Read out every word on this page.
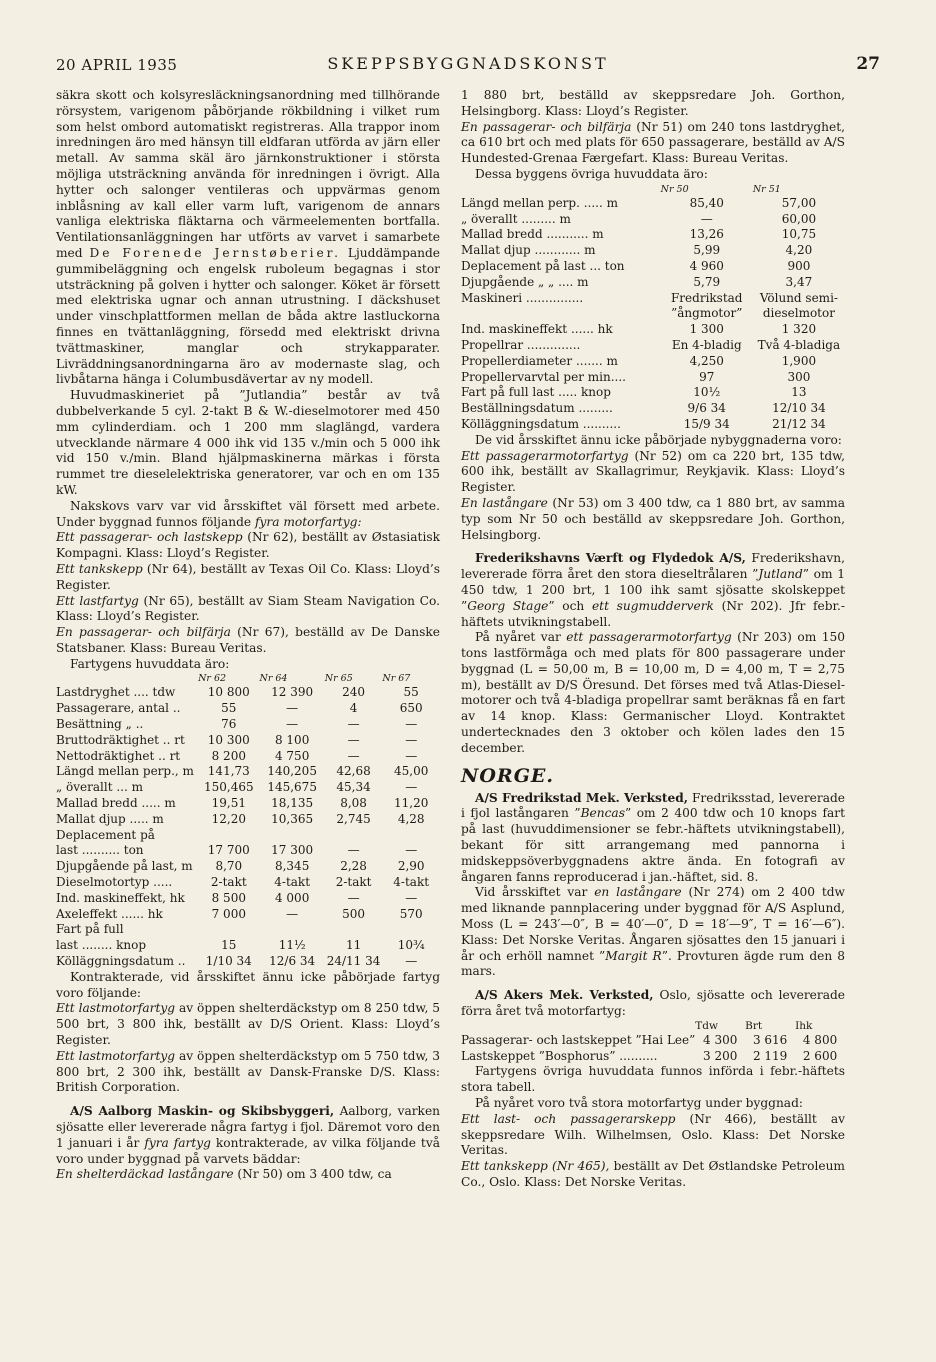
20 APRIL 1935	SKEPPSBYGGNADSKONST	27

säkra skott och kolsyresläckningsanordning med tillhörande rörsystem, varigenom påbörjande rökbildning i vilket rum som helst ombord automatiskt registreras. Alla trappor inom inredningen äro med hänsyn till eldfaran utförda av järn eller metall. Av samma skäl äro järnkonstruktioner i största möjliga utsträckning använda för inredningen i övrigt. Alla hytter och salonger ventileras och uppvärmas genom inblåsning av kall eller varm luft, varigenom de annars vanliga elektriska fläktarna och värmeelementen bortfalla. Ventilationsanläggningen har utförts av varvet i samarbete med De Forenede Jernstøberier. Ljuddämpande gummibeläggning och engelsk ruboleum begagnas i stor utsträckning på golven i hytter och salonger. Köket är försett med elektriska ugnar och annan utrustning. I däckshuset under vinschplattformen mellan de båda aktre lastluckorna finnes en tvättanläggning, försedd med elektriskt drivna tvättmaskiner, manglar och strykapparater. Livräddningsanordningarna äro av modernaste slag, och livbåtarna hänga i Columbusdävertar av ny modell.

Huvudmaskineriet på ”Jutlandia” består av två dubbelverkande 5 cyl. 2-takt B & W.-dieselmotorer med 450 mm cylinderdiam. och 1 200 mm slaglängd, vardera utvecklande närmare 4 000 ihk vid 135 v./min och 5 000 ihk vid 150 v./min. Bland hjälpmaskinerna märkas i första rummet tre dieselelektriska generatorer, var och en om 135 kW.

Nakskovs varv var vid årsskiftet väl försett med arbete. Under byggnad funnos följande fyra motorfartyg:

Ett passagerar- och lastskepp (Nr 62), beställt av Østasiatisk Kompagni. Klass: Lloyd’s Register.

Ett tankskepp (Nr 64), beställt av Texas Oil Co. Klass: Lloyd’s Register.

Ett lastfartyg (Nr 65), beställt av Siam Steam Navigation Co. Klass: Lloyd’s Register.

En passagerar- och bilfärja (Nr 67), beställd av De Danske Statsbaner. Klass: Bureau Veritas.

Fartygens huvuddata äro:

	Nr 62	Nr 64	Nr 65	Nr 67
Lastdryghet .... tdw	10 800	12 390	240	55
Passagerare, antal ..	55	—	4	650
Besättning „ ..	76	—	—	—
Bruttodräktighet .. rt	10 300	8 100	—	—
Nettodräktighet .. rt	8 200	4 750	—	—
Längd mellan perp., m	141,73	140,205	42,68	45,00
„ överallt ... m	150,465	145,675	45,34	—
Mallad bredd ..... m	19,51	18,135	8,08	11,20
Mallat djup ..... m	12,20	10,365	2,745	4,28
Deplacement på				
last .......... ton	17 700	17 300	—	—
Djupgående på last, m	8,70	8,345	2,28	2,90
Dieselmotortyp .....	2-takt	4-takt	2-takt	4-takt
Ind. maskineffekt, hk	8 500	4 000	—	—
Axeleffekt ...... hk	7 000	—	500	570
Fart på full				
last ........ knop	15	11½	11	10¾
Kölläggningsdatum ..	1/10 34	12/6 34	24/11 34	—

Kontrakterade, vid årsskiftet ännu icke påbörjade fartyg voro följande:

Ett lastmotorfartyg av öppen shelterdäckstyp om 8 250 tdw, 5 500 brt, 3 800 ihk, beställt av D/S Orient. Klass: Lloyd’s Register.

Ett lastmotorfartyg av öppen shelterdäckstyp om 5 750 tdw, 3 800 brt, 2 300 ihk, beställt av Dansk-Franske D/S. Klass: British Corporation.

A/S Aalborg Maskin- og Skibsbyggeri, Aalborg, varken sjösatte eller levererade några fartyg i fjol. Däremot voro den 1 januari i år fyra fartyg kontrakterade, av vilka följande två voro under byggnad på varvets bäddar:

En shelterdäckad lastångare (Nr 50) om 3 400 tdw, ca

1 880 brt, beställd av skeppsredare Joh. Gorthon, Helsingborg. Klass: Lloyd’s Register.

En passagerar- och bilfärja (Nr 51) om 240 tons lastdryghet, ca 610 brt och med plats för 650 passagerare, beställd av A/S Hundested-Grenaa Færgefart. Klass: Bureau Veritas.

Dessa byggens övriga huvuddata äro:

	Nr 50	Nr 51
Längd mellan perp. ..... m	85,40	57,00
„ överallt ......... m	—	60,00
Mallad bredd ........... m	13,26	10,75
Mallat djup ............ m	5,99	4,20
Deplacement på last ... ton	4 960	900
Djupgående „ „ .... m	5,79	3,47
Maskineri ...............	Fredrikstad	Völund semi-
	”ångmotor”	dieselmotor
Ind. maskineffekt ...... hk	1 300	1 320
Propellrar ..............	En 4-bladig	Två 4-bladiga
Propellerdiameter ....... m	4,250	1,900
Propellervarvtal per min....	97	300
Fart på full last ..... knop	10½	13
Beställningsdatum .........	9/6 34	12/10 34
Kölläggningsdatum ..........	15/9 34	21/12 34

De vid årsskiftet ännu icke påbörjade nybyggnaderna voro:

Ett passagerarmotorfartyg (Nr 52) om ca 220 brt, 135 tdw, 600 ihk, beställt av Skallagrimur, Reykjavik. Klass: Lloyd’s Register.

En lastångare (Nr 53) om 3 400 tdw, ca 1 880 brt, av samma typ som Nr 50 och beställd av skeppsredare Joh. Gorthon, Helsingborg.

Frederikshavns Værft og Flydedok A/S, Frederikshavn, levererade förra året den stora dieseltrålaren ”Jutland” om 1 450 tdw, 1 200 brt, 1 100 ihk samt sjösatte skolskeppet ”Georg Stage” och ett sugmudderverk (Nr 202). Jfr febr.-häftets utvikningstabell.

På nyåret var ett passagerarmotorfartyg (Nr 203) om 150 tons lastförmåga och med plats för 800 passagerare under byggnad (L = 50,00 m, B = 10,00 m, D = 4,00 m, T = 2,75 m), beställt av D/S Öresund. Det förses med två Atlas-Diesel-motorer och två 4-bladiga propellrar samt beräknas få en fart av 14 knop. Klass: Germanischer Lloyd. Kontraktet undertecknades den 3 oktober och kölen lades den 15 december.

NORGE.

A/S Fredrikstad Mek. Verksted, Fredriksstad, levererade i fjol lastångaren ”Bencas” om 2 400 tdw och 10 knops fart på last (huvuddimensioner se febr.-häftets utvikningstabell), bekant för sitt arrangemang med pannorna i midskeppsöverbyggnadens aktre ända. En fotografi av ångaren fanns reproducerad i jan.-häftet, sid. 8.

Vid årsskiftet var en lastångare (Nr 274) om 2 400 tdw med liknande pannplacering under byggnad för A/S Asplund, Moss (L = 243′—0″, B = 40′—0″, D = 18′—9″, T = 16′—6″). Klass: Det Norske Veritas. Ångaren sjösattes den 15 januari i år och erhöll namnet ”Margit R”. Provturen ägde rum den 8 mars.

A/S Akers Mek. Verksted, Oslo, sjösatte och levererade förra året två motorfartyg:

	Tdw	Brt	Ihk
Passagerar- och lastskeppet ”Hai Lee”	4 300	3 616	4 800
Lastskeppet ”Bosphorus” ..........	3 200	2 119	2 600

Fartygens övriga huvuddata funnos införda i febr.-häftets stora tabell.

På nyåret voro två stora motorfartyg under byggnad:

Ett last- och passagerarskepp (Nr 466), beställt av skeppsredare Wilh. Wilhelmsen, Oslo. Klass: Det Norske Veritas.

Ett tankskepp (Nr 465), beställt av Det Østlandske Petroleum Co., Oslo. Klass: Det Norske Veritas.
